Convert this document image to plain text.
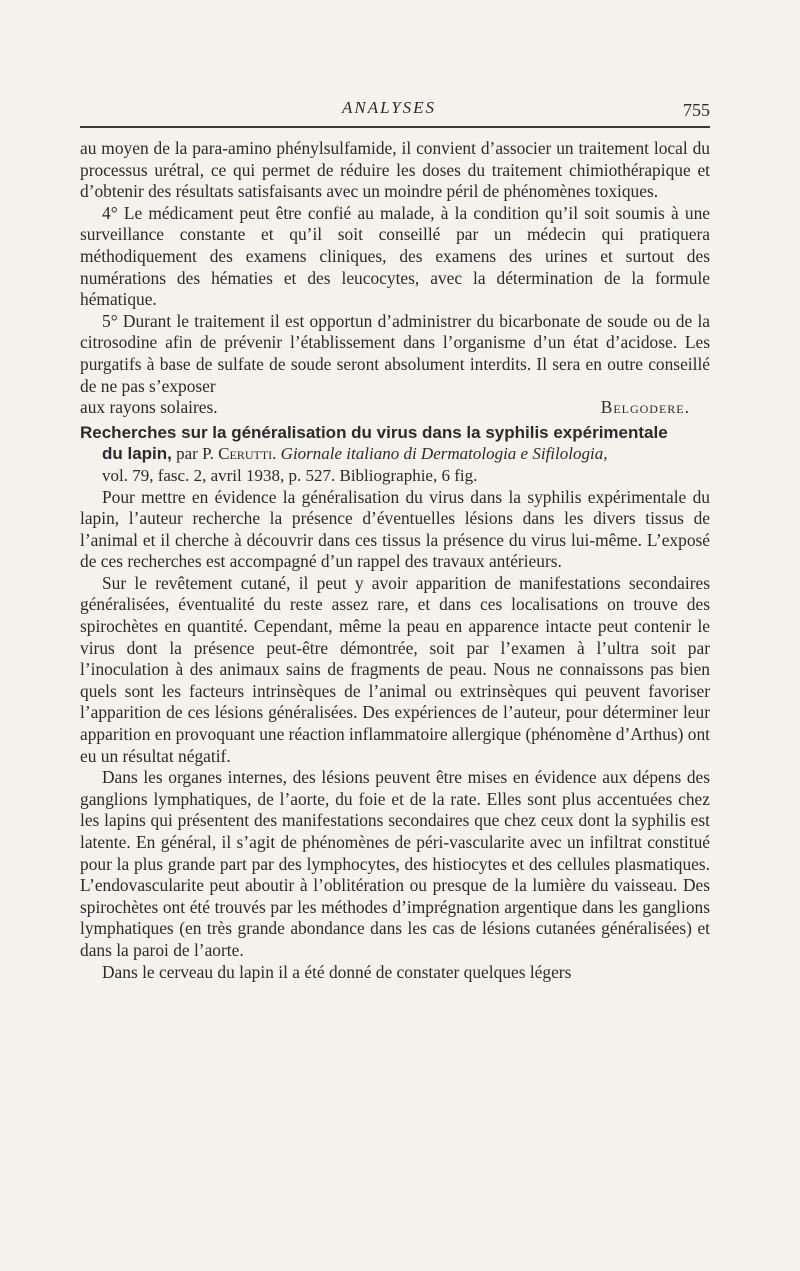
ANALYSES	755

au moyen de la para-amino phénylsulfamide, il convient d’associer un traitement local du processus urétral, ce qui permet de réduire les doses du traitement chimiothérapique et d’obtenir des résultats satisfaisants avec un moindre péril de phénomènes toxiques.

4° Le médicament peut être confié au malade, à la condition qu’il soit soumis à une surveillance constante et qu’il soit conseillé par un médecin qui pratiquera méthodiquement des examens cliniques, des examens des urines et surtout des numérations des hématies et des leucocytes, avec la détermination de la formule hématique.

5° Durant le traitement il est opportun d’administrer du bicarbonate de soude ou de la citrosodine afin de prévenir l’établissement dans l’organisme d’un état d’acidose. Les purgatifs à base de sulfate de soude seront absolument interdits. Il sera en outre conseillé de ne pas s’exposer

aux rayons solaires.	Belgodere.
Recherches sur la généralisation du virus dans la syphilis expérimentale
du lapin, par P. Cerutti. Giornale italiano di Dermatologia e Sifilologia,
vol. 79, fasc. 2, avril 1938, p. 527. Bibliographie, 6 fig.

Pour mettre en évidence la généralisation du virus dans la syphilis expérimentale du lapin, l’auteur recherche la présence d’éventuelles lésions dans les divers tissus de l’animal et il cherche à découvrir dans ces tissus la présence du virus lui-même. L’exposé de ces recherches est accompagné d’un rappel des travaux antérieurs.

Sur le revêtement cutané, il peut y avoir apparition de manifestations secondaires généralisées, éventualité du reste assez rare, et dans ces localisations on trouve des spirochètes en quantité. Cependant, même la peau en apparence intacte peut contenir le virus dont la présence peut-être démontrée, soit par l’examen à l’ultra soit par l’inoculation à des animaux sains de fragments de peau. Nous ne connaissons pas bien quels sont les facteurs intrinsèques de l’animal ou extrinsèques qui peuvent favoriser l’apparition de ces lésions généralisées. Des expériences de l’auteur, pour déterminer leur apparition en provoquant une réaction inflammatoire allergique (phénomène d’Arthus) ont eu un résultat négatif.

Dans les organes internes, des lésions peuvent être mises en évidence aux dépens des ganglions lymphatiques, de l’aorte, du foie et de la rate. Elles sont plus accentuées chez les lapins qui présentent des manifestations secondaires que chez ceux dont la syphilis est latente. En général, il s’agit de phénomènes de péri-vascularite avec un infiltrat constitué pour la plus grande part par des lymphocytes, des histiocytes et des cellules plasmatiques. L’endovascularite peut aboutir à l’oblitération ou presque de la lumière du vaisseau. Des spirochètes ont été trouvés par les méthodes d’imprégnation argentique dans les ganglions lymphatiques (en très grande abondance dans les cas de lésions cutanées généralisées) et dans la paroi de l’aorte.

Dans le cerveau du lapin il a été donné de constater quelques légers
